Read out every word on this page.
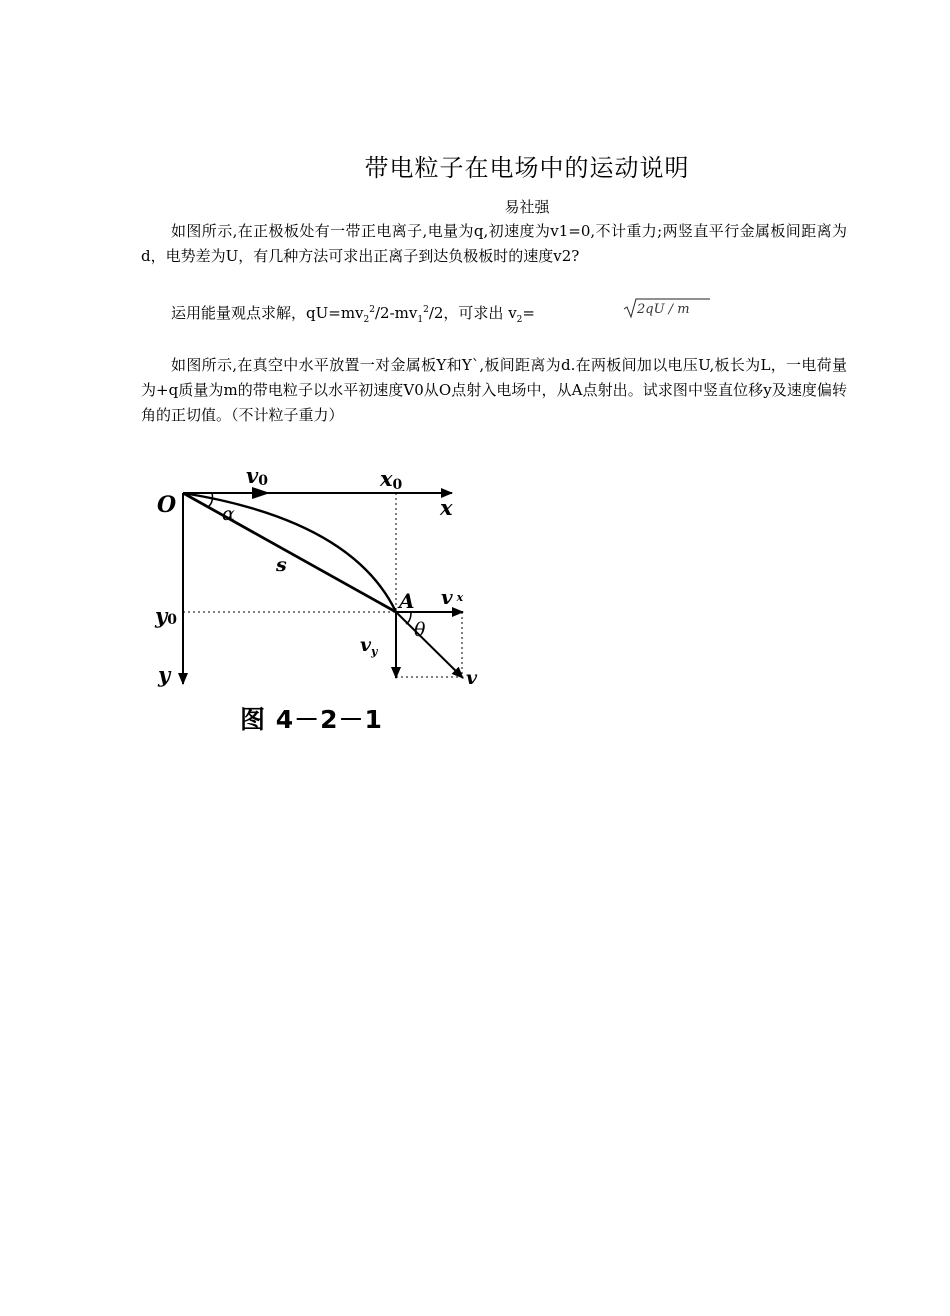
带电粒子在电场中的运动说明
易社强
如图所示,在正极板处有一带正电离子,电量为q,初速度为v1=0,不计重力;两竖直平行金属板间距离为d，电势差为U，有几种方法可求出正离子到达负极板时的速度v2?
运用能量观点求解，$qU=mv_2^2/2-mv_1^2/2$，可求出 $v_2=$	2qU / m
如图所示,在真空中水平放置一对金属板Y和Y`,板间距离为d.在两板间加以电压U,板长为L，一电荷量为+q质量为m的带电粒子以水平初速度V0从O点射入电场中，从A点射出。试求图中竖直位移y及速度偏转角的正切值。（不计粒子重力）
O
v0	x0
x
α
s
A vx
y0
$v_y$
θ
y	v
图 4－2－1
